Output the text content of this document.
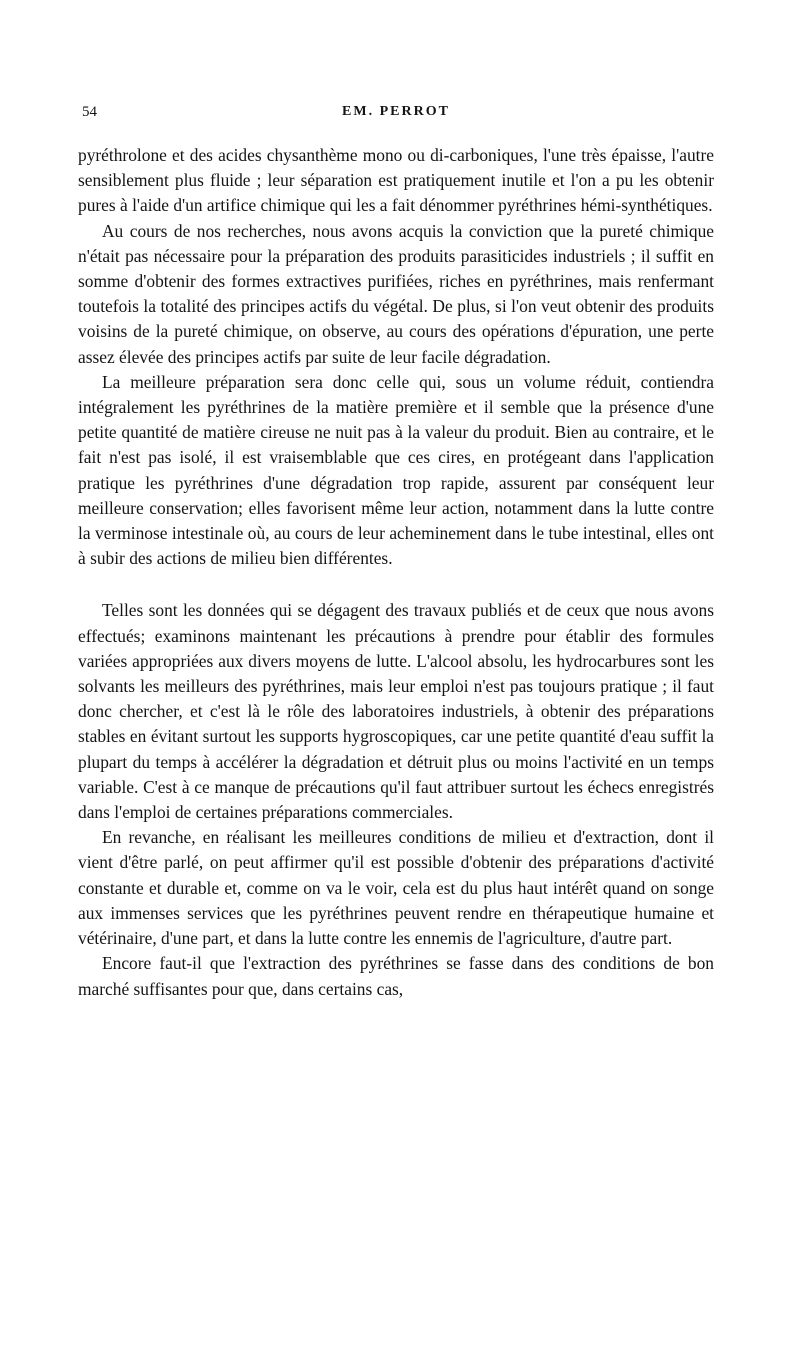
54	EM. PERROT

pyréthrolone et des acides chysanthème mono ou di-carboniques, l'une très épaisse, l'autre sensiblement plus fluide ; leur séparation est pratiquement inutile et l'on a pu les obtenir pures à l'aide d'un artifice chimique qui les a fait dénommer pyréthrines hémi-synthétiques.

Au cours de nos recherches, nous avons acquis la conviction que la pureté chimique n'était pas nécessaire pour la préparation des produits parasiticides industriels ; il suffit en somme d'obtenir des formes extractives purifiées, riches en pyréthrines, mais renfermant toutefois la totalité des principes actifs du végétal. De plus, si l'on veut obtenir des produits voisins de la pureté chimique, on observe, au cours des opérations d'épuration, une perte assez élevée des principes actifs par suite de leur facile dégradation.

La meilleure préparation sera donc celle qui, sous un volume réduit, contiendra intégralement les pyréthrines de la matière première et il semble que la présence d'une petite quantité de matière cireuse ne nuit pas à la valeur du produit. Bien au contraire, et le fait n'est pas isolé, il est vraisemblable que ces cires, en protégeant dans l'application pratique les pyréthrines d'une dégradation trop rapide, assurent par conséquent leur meilleure conservation; elles favorisent même leur action, notamment dans la lutte contre la verminose intestinale où, au cours de leur acheminement dans le tube intestinal, elles ont à subir des actions de milieu bien différentes.

Telles sont les données qui se dégagent des travaux publiés et de ceux que nous avons effectués; examinons maintenant les précautions à prendre pour établir des formules variées appropriées aux divers moyens de lutte. L'alcool absolu, les hydrocarbures sont les solvants les meilleurs des pyréthrines, mais leur emploi n'est pas toujours pratique ; il faut donc chercher, et c'est là le rôle des laboratoires industriels, à obtenir des préparations stables en évitant surtout les supports hygroscopiques, car une petite quantité d'eau suffit la plupart du temps à accélérer la dégradation et détruit plus ou moins l'activité en un temps variable. C'est à ce manque de précautions qu'il faut attribuer surtout les échecs enregistrés dans l'emploi de certaines préparations commerciales.

En revanche, en réalisant les meilleures conditions de milieu et d'extraction, dont il vient d'être parlé, on peut affirmer qu'il est possible d'obtenir des préparations d'activité constante et durable et, comme on va le voir, cela est du plus haut intérêt quand on songe aux immenses services que les pyréthrines peuvent rendre en thérapeutique humaine et vétérinaire, d'une part, et dans la lutte contre les ennemis de l'agriculture, d'autre part.

Encore faut-il que l'extraction des pyréthrines se fasse dans des conditions de bon marché suffisantes pour que, dans certains cas,
